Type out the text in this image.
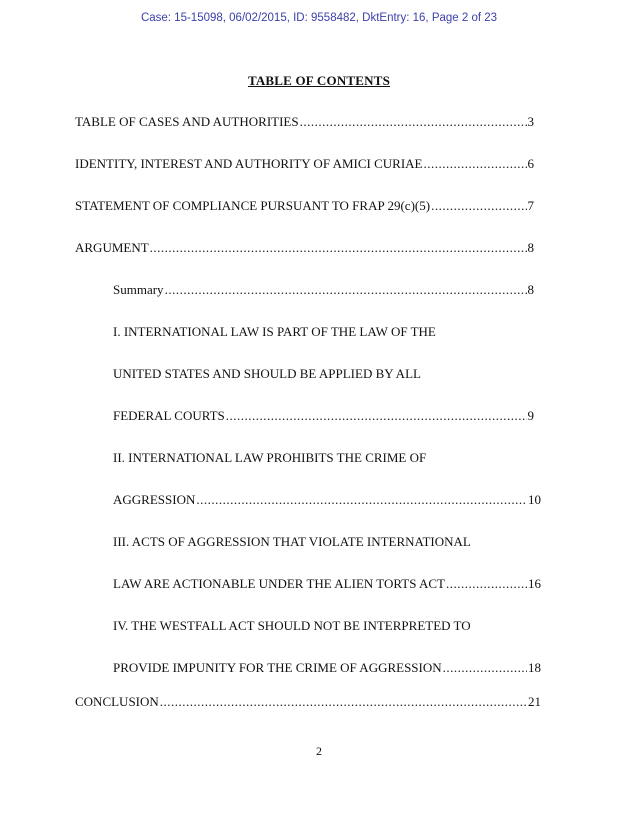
Case: 15-15098, 06/02/2015, ID: 9558482, DktEntry: 16, Page 2 of 23
TABLE OF CONTENTS
TABLE OF CASES AND AUTHORITIES .....	3
IDENTITY, INTEREST AND AUTHORITY OF AMICI CURIAE .....	6
STATEMENT OF COMPLIANCE PURSUANT TO FRAP 29(c)(5) .....	7
ARGUMENT .....	8
Summary .....	8
I. INTERNATIONAL LAW IS PART OF THE LAW OF THE
UNITED STATES AND SHOULD BE APPLIED BY ALL
FEDERAL COURTS .....	9
II. INTERNATIONAL LAW PROHIBITS THE CRIME OF
AGGRESSION .....	10
III. ACTS OF AGGRESSION THAT VIOLATE INTERNATIONAL
LAW ARE ACTIONABLE UNDER THE ALIEN TORTS ACT .....	16
IV. THE WESTFALL ACT SHOULD NOT BE INTERPRETED TO
PROVIDE IMPUNITY FOR THE CRIME OF AGGRESSION .....	18
CONCLUSION .....	21
2
